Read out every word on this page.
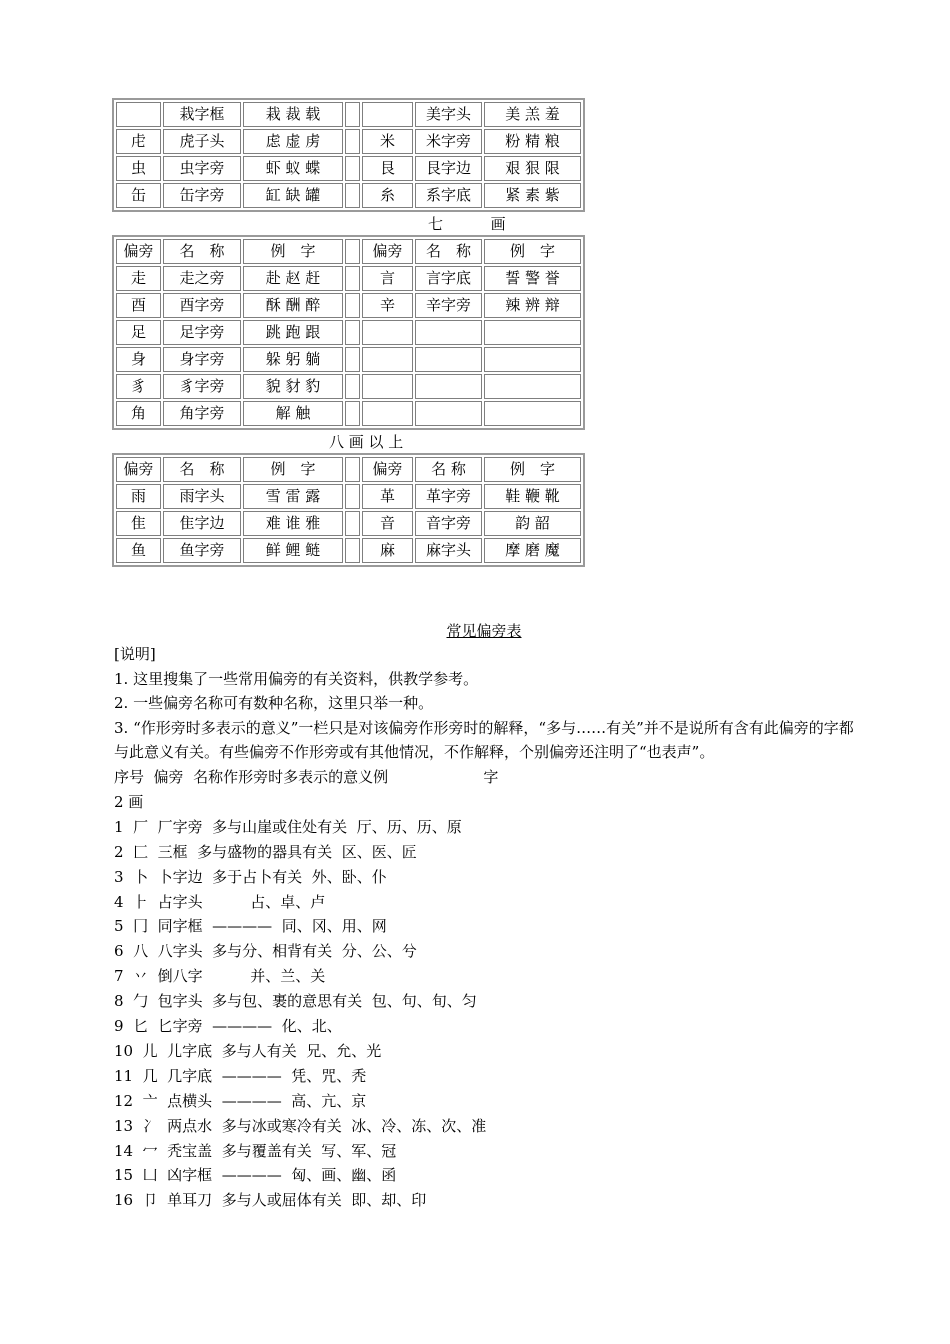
	栽字框	栽 裁 载			美字头	美 羔 羞
虍	虎子头	虑 虚 虏		米	米字旁	粉 精 粮
虫	虫字旁	虾 蚁 蝶		艮	艮字边	艰 狠 限
缶	缶字旁	缸 缺 罐		糸	系字底	紧 素 紫
七          画
偏旁	名　称	例　字		偏旁	名　称	例　字
走	走之旁	赴 赵 赶		言	言字底	誓 警 誉
酉	酉字旁	酥 酬 醉		辛	辛字旁	辣 辨 辩
足	足字旁	跳 跑 跟				
身	身字旁	躲 躬 躺				
豸	豸字旁	貌 豺 豹				
角	角字旁	解 触				
八 画 以 上
偏旁	名　称	例　字		偏旁	名 称	例　字
雨	雨字头	雪 雷 露		革	革字旁	鞋 鞭 靴
隹	隹字边	难 谁 雅		音	音字旁	韵 韶
鱼	鱼字旁	鲜 鲤 鲢		麻	麻字头	摩 磨 魔
常见偏旁表

[说明]

1. 这里搜集了一些常用偏旁的有关资料，供教学参考。

2. 一些偏旁名称可有数种名称，这里只举一种。

3. “作形旁时多表示的意义”一栏只是对该偏旁作形旁时的解释，“多与……有关”并不是说所有含有此偏旁的字都与此意义有关。有些偏旁不作形旁或有其他情况，不作解释，个别偏旁还注明了“也表声”。

序号  偏旁  名称作形旁时多表示的意义例                    字

2 画

1  厂  厂字旁  多与山崖或住处有关  厅、历、历、原

2  匚  三框  多与盛物的器具有关  区、医、匠

3  卜  卜字边  多于占卜有关  外、卧、仆

4  ⺊  占字头          占、卓、卢

5  冂  同字框  ————  同、冈、用、网

6  八  八字头  多与分、相背有关  分、公、兮

7  丷  倒八字          并、兰、关

8  勹  包字头  多与包、裹的意思有关  包、句、旬、匀

9  匕  匕字旁  ————  化、北、

10  儿  儿字底  多与人有关  兄、允、光

11  几  几字底  ————  凭、咒、秃

12  亠  点横头  ————  高、亢、京

13  冫  两点水  多与冰或寒冷有关  冰、冷、冻、次、准

14  冖  秃宝盖  多与覆盖有关  写、军、冠

15  凵  凶字框  ————  匈、画、幽、函

16  卩  单耳刀  多与人或屈体有关  即、却、印
